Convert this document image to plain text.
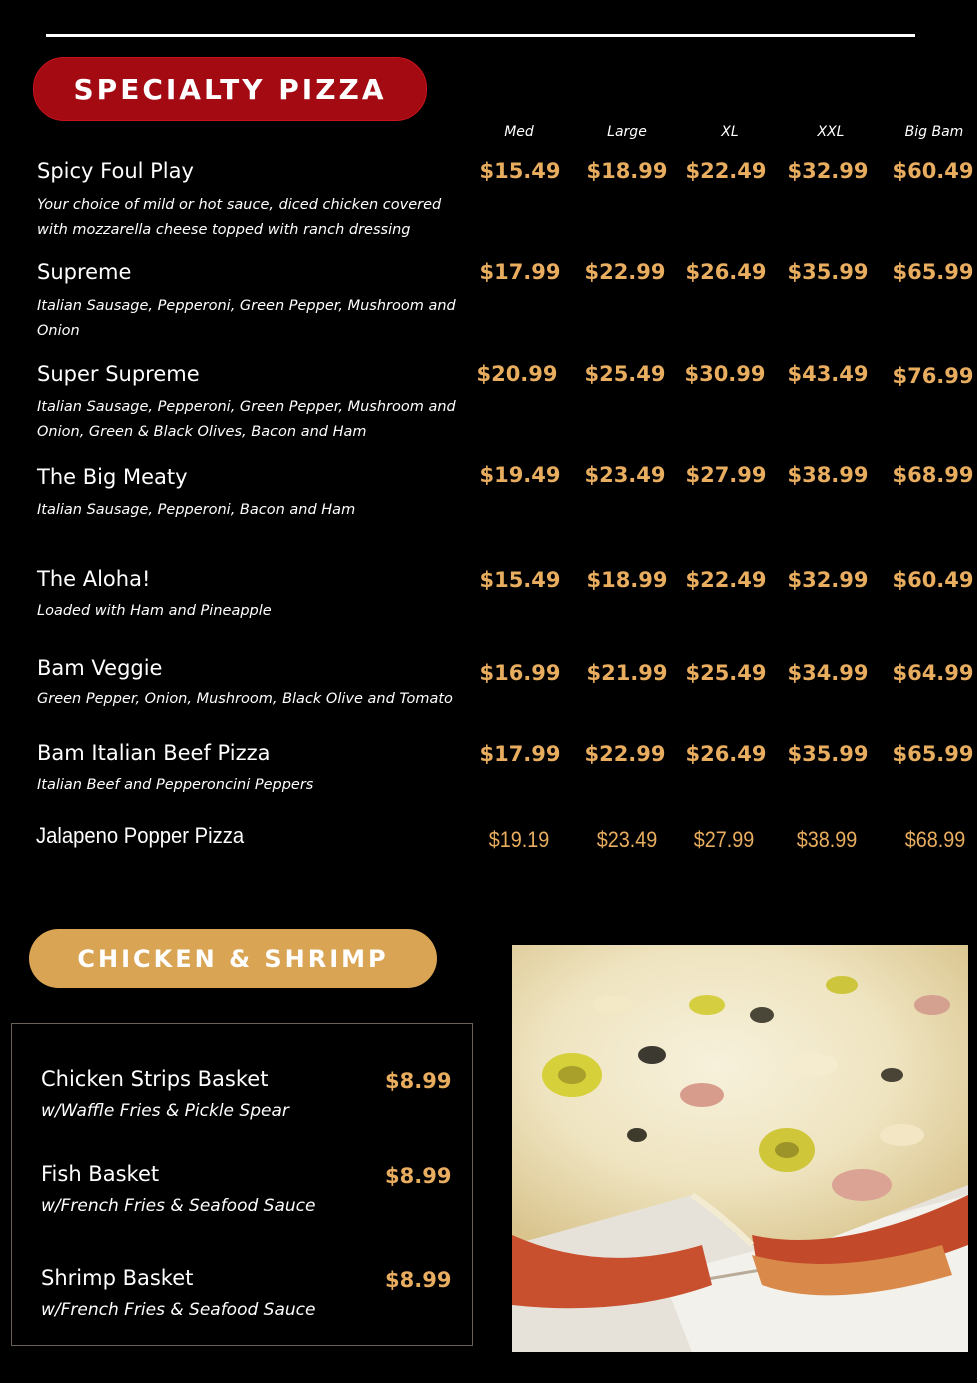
SPECIALTY PIZZA
Med	Large	XL	XXL	Big Bam
Spicy Foul Play
Your choice of mild or hot sauce, diced chicken covered with mozzarella cheese topped with ranch dressing
$15.49	$18.99 $22.49 $32.99	$60.49
Supreme
Italian Sausage, Pepperoni, Green Pepper, Mushroom and Onion
$17.99	$22.99 $26.49 $35.99	$65.99
Super Supreme
Italian Sausage, Pepperoni, Green Pepper, Mushroom and Onion, Green & Black Olives, Bacon and Ham
$20.99	$25.49 $30.99	$43.49	$76.99
The Big Meaty
Italian Sausage, Pepperoni, Bacon and Ham
$19.49	$23.49 $27.99 $38.99	$68.99
The Aloha!
Loaded with Ham and Pineapple
$15.49	$18.99 $22.49 $32.99	$60.49
Bam Veggie
Green Pepper, Onion, Mushroom, Black Olive and Tomato
$16.99	$21.99 $25.49 $34.99	$64.99
Bam Italian Beef Pizza
Italian Beef and Pepperoncini Peppers
$17.99	$22.99 $26.49 $35.99	$65.99
Jalapeno Popper Pizza	$19.19	$23.49	$27.99	$38.99	$68.99
CHICKEN & SHRIMP
Chicken Strips Basket
w/Waffle Fries & Pickle Spear
$8.99
Fish Basket
w/French Fries & Seafood Sauce
$8.99
Shrimp Basket
w/French Fries & Seafood Sauce
$8.99
